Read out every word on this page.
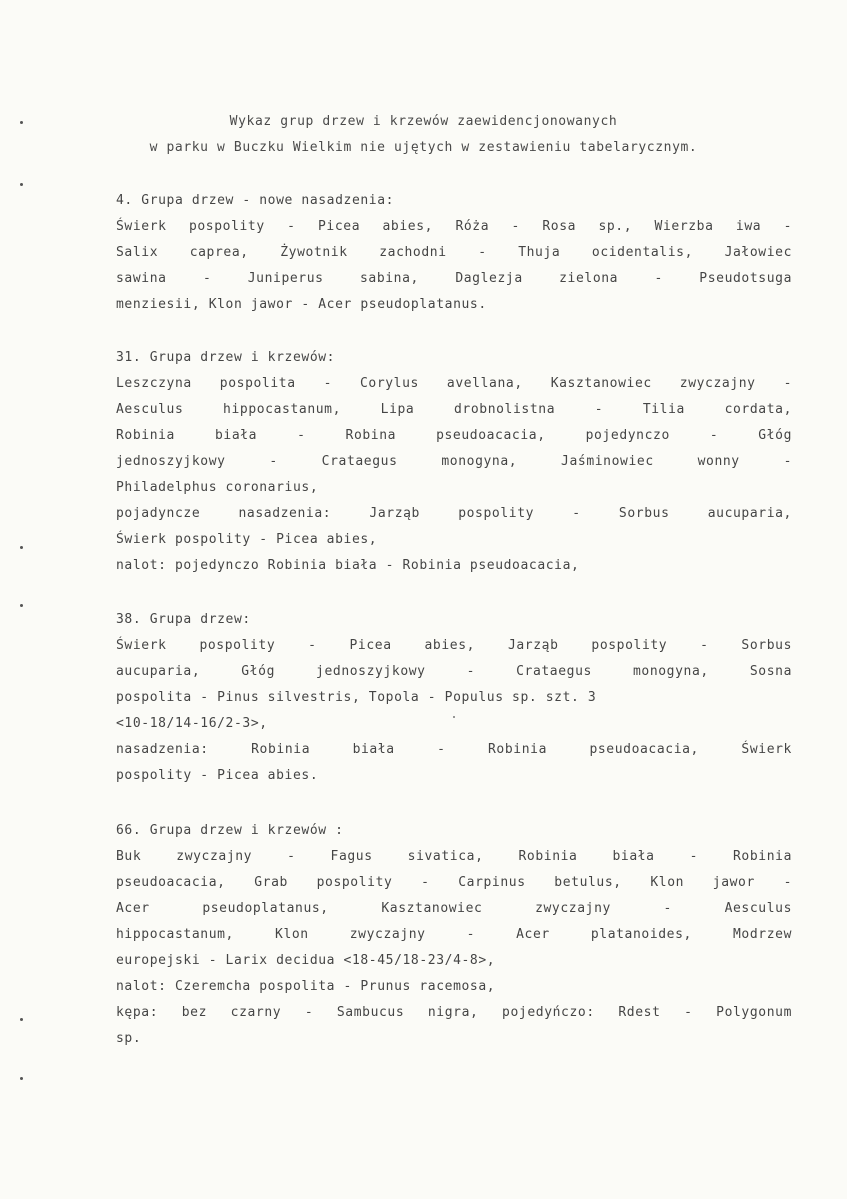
Wykaz grup drzew i krzewów zaewidencjonowanych
w parku w Buczku Wielkim nie ujętych w zestawieniu tabelarycznym.
4. Grupa drzew - nowe nasadzenia:
Świerk pospolity - Picea abies, Róża - Rosa sp., Wierzba iwa -
Salix caprea, Żywotnik zachodni - Thuja ocidentalis, Jałowiec
sawina - Juniperus sabina, Daglezja zielona - Pseudotsuga
menziesii, Klon jawor - Acer pseudoplatanus.
31. Grupa drzew i krzewów:
Leszczyna pospolita - Corylus avellana, Kasztanowiec zwyczajny -
Aesculus hippocastanum, Lipa drobnolistna - Tilia cordata,
Robinia biała - Robina pseudoacacia, pojedynczo - Głóg
jednoszyjkowy - Crataegus monogyna, Jaśminowiec wonny -
Philadelphus coronarius,
pojadyncze nasadzenia: Jarząb pospolity - Sorbus aucuparia,
Świerk pospolity - Picea abies,
nalot: pojedynczo Robinia biała - Robinia pseudoacacia,
38. Grupa drzew:
Świerk pospolity - Picea abies, Jarząb pospolity - Sorbus
aucuparia, Głóg jednoszyjkowy - Crataegus monogyna, Sosna
pospolita - Pinus silvestris, Topola - Populus sp. szt. 3
<10-18/14-16/2-3>,
nasadzenia: Robinia biała - Robinia pseudoacacia, Świerk
pospolity - Picea abies.
66. Grupa drzew i krzewów :
Buk zwyczajny - Fagus sivatica, Robinia biała - Robinia
pseudoacacia, Grab pospolity - Carpinus betulus, Klon jawor -
Acer pseudoplatanus, Kasztanowiec zwyczajny - Aesculus
hippocastanum, Klon zwyczajny - Acer platanoides, Modrzew
europejski - Larix decidua <18-45/18-23/4-8>,
nalot: Czeremcha pospolita - Prunus racemosa,
kępa: bez czarny - Sambucus nigra, pojedyńczo: Rdest - Polygonum
sp.
